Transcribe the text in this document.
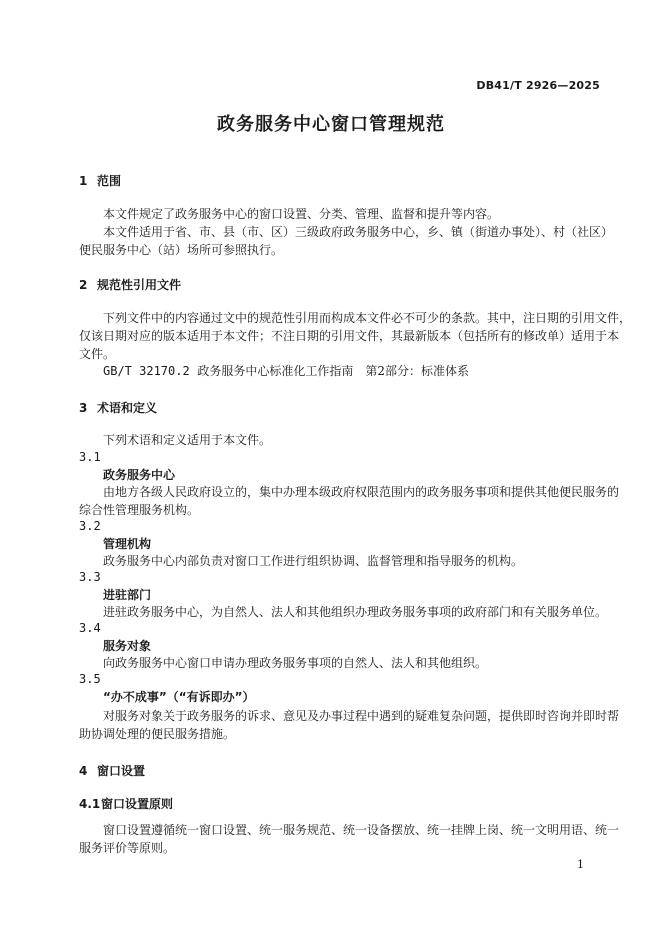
DB41/T 2926—2025
政务服务中心窗口管理规范
1 范围
本文件规定了政务服务中心的窗口设置、分类、管理、监督和提升等内容。
本文件适用于省、市、县（市、区）三级政府政务服务中心，乡、镇（街道办事处）、村（社区）
便民服务中心（站）场所可参照执行。
2 规范性引用文件
下列文件中的内容通过文中的规范性引用而构成本文件必不可少的条款。其中，注日期的引用文件，
仅该日期对应的版本适用于本文件；不注日期的引用文件，其最新版本（包括所有的修改单）适用于本
文件。
GB/T 32170.2 政务服务中心标准化工作指南　第2部分：标准体系
3 术语和定义
下列术语和定义适用于本文件。
3.1
政务服务中心
由地方各级人民政府设立的，集中办理本级政府权限范围内的政务服务事项和提供其他便民服务的
综合性管理服务机构。
3.2
管理机构
政务服务中心内部负责对窗口工作进行组织协调、监督管理和指导服务的机构。
3.3
进驻部门
进驻政务服务中心，为自然人、法人和其他组织办理政务服务事项的政府部门和有关服务单位。
3.4
服务对象
向政务服务中心窗口申请办理政务服务事项的自然人、法人和其他组织。
3.5
“办不成事”（“有诉即办”）
对服务对象关于政务服务的诉求、意见及办事过程中遇到的疑难复杂问题，提供即时咨询并即时帮
助协调处理的便民服务措施。
4 窗口设置
4.1窗口设置原则
窗口设置遵循统一窗口设置、统一服务规范、统一设备摆放、统一挂牌上岗、统一文明用语、统一
服务评价等原则。
1
